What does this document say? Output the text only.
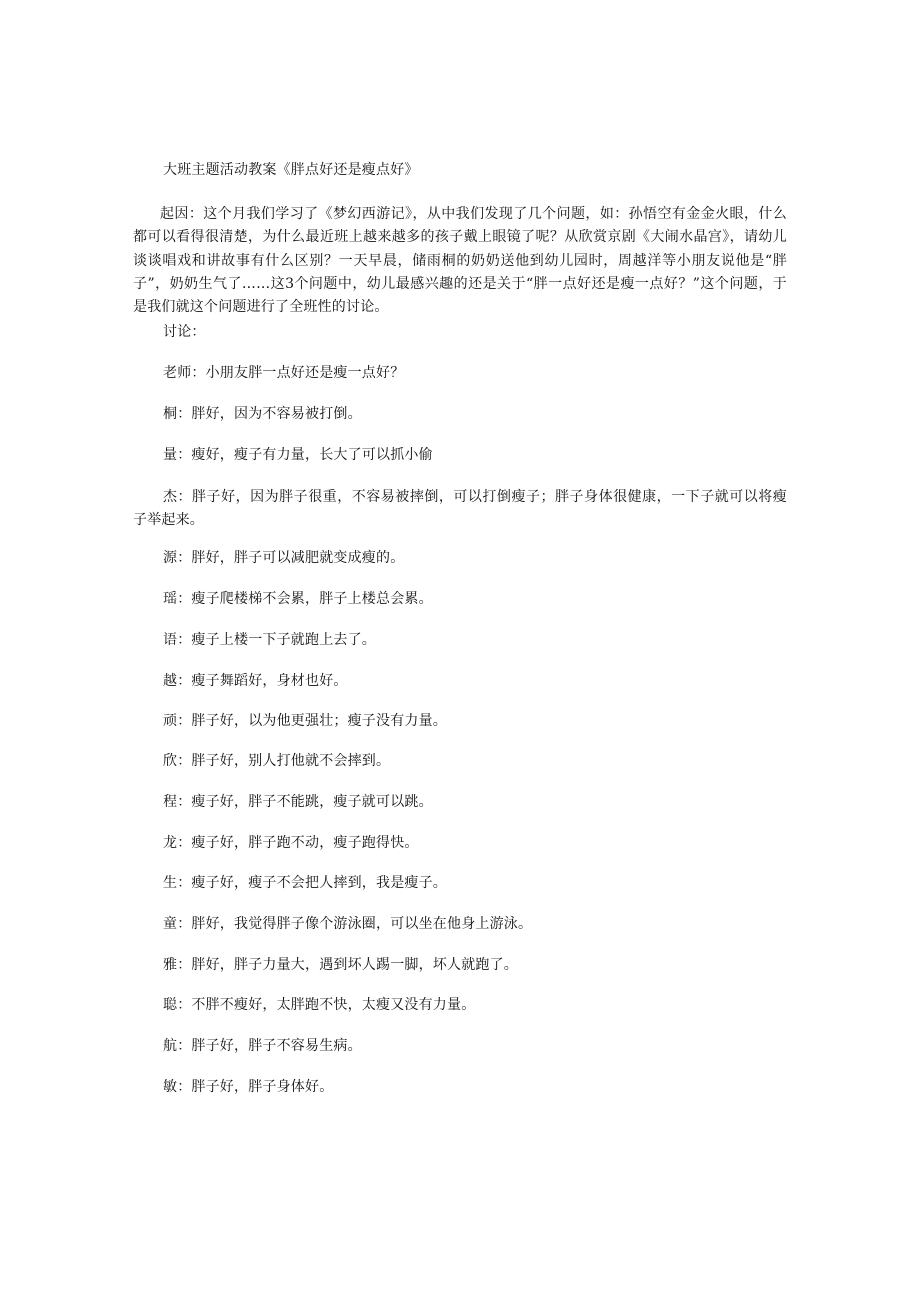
大班主题活动教案《胖点好还是瘦点好》
起因：这个月我们学习了《梦幻西游记》，从中我们发现了几个问题，如：孙悟空有金金火眼，什么都可以看得很清楚，为什么最近班上越来越多的孩子戴上眼镜了呢？从欣赏京剧《大闹水晶宫》，请幼儿谈谈唱戏和讲故事有什么区别？一天早晨，储雨桐的奶奶送他到幼儿园时，周越洋等小朋友说他是“胖子”，奶奶生气了……这3个问题中，幼儿最感兴趣的还是关于“胖一点好还是瘦一点好？”这个问题，于是我们就这个问题进行了全班性的讨论。
讨论：
老师：小朋友胖一点好还是瘦一点好？
桐：胖好，因为不容易被打倒。
量：瘦好，瘦子有力量，长大了可以抓小偷
杰：胖子好，因为胖子很重，不容易被摔倒，可以打倒瘦子；胖子身体很健康，一下子就可以将瘦子举起来。
源：胖好，胖子可以减肥就变成瘦的。
瑶：瘦子爬楼梯不会累，胖子上楼总会累。
语：瘦子上楼一下子就跑上去了。
越：瘦子舞蹈好，身材也好。
顽：胖子好，以为他更强壮；瘦子没有力量。
欣：胖子好，别人打他就不会摔到。
程：瘦子好，胖子不能跳，瘦子就可以跳。
龙：瘦子好，胖子跑不动，瘦子跑得快。
生：瘦子好，瘦子不会把人摔到，我是瘦子。
童：胖好，我觉得胖子像个游泳圈，可以坐在他身上游泳。
雅：胖好，胖子力量大，遇到坏人踢一脚，坏人就跑了。
聪：不胖不瘦好，太胖跑不快，太瘦又没有力量。
航：胖子好，胖子不容易生病。
敏：胖子好，胖子身体好。
